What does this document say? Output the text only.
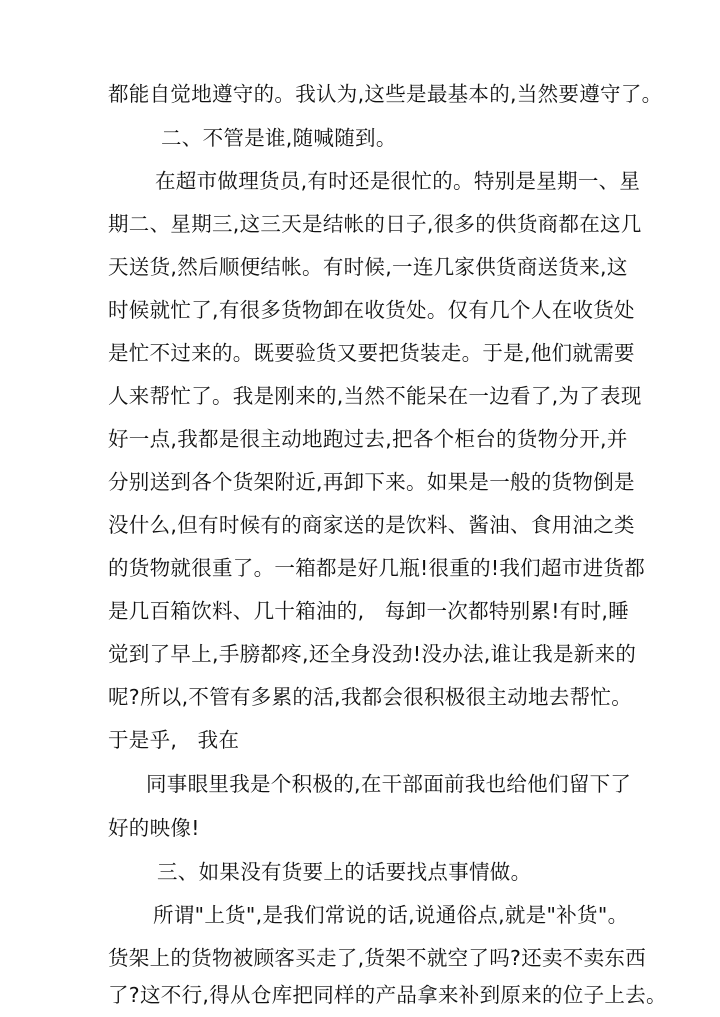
都能自觉地遵守的。我认为,这些是最基本的,当然要遵守了。
二、不管是谁,随喊随到。
在超市做理货员,有时还是很忙的。特别是星期一、星
期二、星期三,这三天是结帐的日子,很多的供货商都在这几
天送货,然后顺便结帐。有时候,一连几家供货商送货来,这
时候就忙了,有很多货物卸在收货处。仅有几个人在收货处
是忙不过来的。既要验货又要把货装走。于是,他们就需要
人来帮忙了。我是刚来的,当然不能呆在一边看了,为了表现
好一点,我都是很主动地跑过去,把各个柜台的货物分开,并
分别送到各个货架附近,再卸下来。如果是一般的货物倒是
没什么,但有时候有的商家送的是饮料、酱油、食用油之类
的货物就很重了。一箱都是好几瓶!很重的!我们超市进货都
是几百箱饮料、几十箱油的,   每卸一次都特别累!有时,睡
觉到了早上,手膀都疼,还全身没劲!没办法,谁让我是新来的
呢?所以,不管有多累的活,我都会很积极很主动地去帮忙。
于是乎,   我在
同事眼里我是个积极的,在干部面前我也给他们留下了
好的映像!
三、如果没有货要上的话要找点事情做。
所谓"上货",是我们常说的话,说通俗点,就是"补货"。
货架上的货物被顾客买走了,货架不就空了吗?还卖不卖东西
了?这不行,得从仓库把同样的产品拿来补到原来的位子上去。
